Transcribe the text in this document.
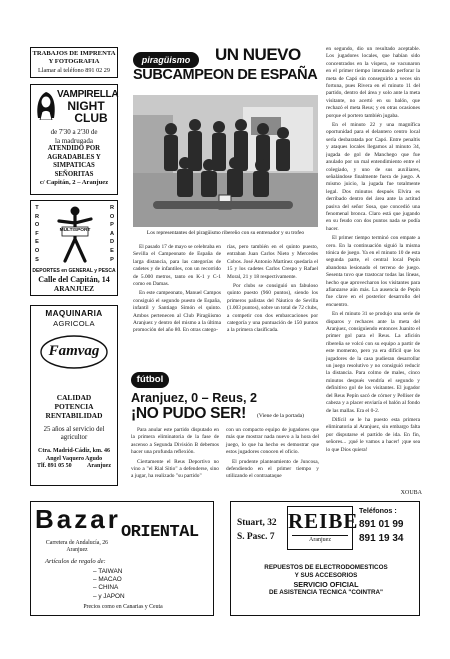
TRABAJOS DE IMPRENTA
Y FOTOGRAFIA
Llamar al teléfono 891 02 29
VAMPIRELLA
NIGHT
CLUB
de 7'30 a 2'30 de
la madrugada
ATENDIDO POR
AGRADABLES Y
SIMPATICAS
SEÑORITAS
c/ Capitán, 2 – Aranjuez
T
R
O
F
E
O
S
R
O
P
A
D
E
P
MULTISPORT
DEPORTES en GENERAL y PESCA
Calle del Capitán, 14
ARANJUEZ
MAQUINARIA
AGRICOLA
Famvag
CALIDAD
POTENCIA
RENTABILIDAD
25 años al servicio del
agricultor
Ctra. Madrid-Cádiz, km. 46
Angel Vaquero Agudo
Tlf. 891 05 50	Aranjuez
piragüismo	UN NUEVO
SUBCAMPEON DE ESPAÑA
Los representantes del piragüismo ribereño con su entrenador y su trofeo

El pasado 17 de mayo se celebraba en Sevilla el Campeonato de España de larga distancia, para las categorías de cadetes y de infantiles, con un recorrido de 5.000 metros, tanto en K-1 y C-1 como en Damas.

En este campeonato, Manuel Campos consiguió el segundo puesto de España, infantil y Santiago Simón el quinto. Ambos pertenecen al Club Piragüismo Aranjuez y dentro del mismo a la última promoción del año 80. En otras catego-

rías, pero también en el quinto puesto, entraban Juan Carlos Nieto y Mercedes Cobos. José Antonio Martínez quedaría el 15 y los cadetes Carlos Crespo y Rafael Moral, 21 y 18 respectivamente.

Por clubs se consiguió un fabuloso quinto puesto (960 puntos), siendo los primeros palistas del Náutico de Sevilla (1.003 puntos), sobre un total de 72 clubs, a competir con dos embarcaciones por categoría y una puntuación de 150 puntos a la primera clasificada.

fútbol
Aranjuez, 0 – Reus, 2
¡NO PUDO SER!	(Viene de la portada)

Para anular este partido disputado en la primera eliminatoria de la fase de ascenso a Segunda División B debemos hacer una profunda reflexión.

Ciertamente el Reus Deportivo no vino a "el Rial Sitio" a defenderse, sino a jugar, ha realizado "su partido"

con un compacto equipo de jugadores que más que mostrar nada nuevo a la hora del juego, lo que ha hecho es demostrar que estos jugadores conocen el oficio.

El prudente planteamiento de Juncosa, defendiendo en el primer tiempo y utilizando el contraataque

en segundo, dio un resultado aceptable. Los jugadores locales, que habían sido concentrados en la víspera, se vacunaron en el primer tiempo intentando perforar la meta de Capó sin conseguirlo a veces sin fortuna, pues Rivera en el minuto 11 del partido, dentro del área y solo ante la meta visitante, no acertó en su balón, que rechazó el meta Reus; y en otras ocasiones porque el portero también jugaba.

En el minuto 22 y una magnífica oportunidad para el delantero centro local sería desbaratada por Capó. Entre penaltis y ataques locales llegamos al minuto 34, jugada de gol de Manchego que fue anulado por un mal entendimiento entre el colegiado, y uno de sus auxiliares, señalándose finalmente fuera de juego. A mismo juicio, la jugada fue totalmente legal. Dos minutos después Elvira es derribado dentro del área ante la actitud pasiva del señor Sosa, que concedió una fenomenal bronca. Claro está que jugando en su feudo con dos puntos nada se podía hacer.

El primer tiempo terminó con empate a cero. En la continuación siguió la misma tónica de juego. Ya en el minuto 10 de esta segunda parte, el central local Pepín abandona lesionado el terreno de juego. Sesenta tuvo que trastocar todas las líneas, hecho que aprovecharon los visitantes para afianzarse aún más. La ausencia de Pepín fue clave en el posterior desarrollo del encuentro.

En el minuto 31 se produjo una serie de disparos y rechaces ante la meta del Aranjuez, consiguiendo entonces Juanito el primer gol para el Reus. La afición ribereña se volcó con su equipo a partir de este momento, pero ya era difícil que los jugadores de la casa pudieran desarrollar un juego resolutivo y no consiguió reducir la distancia. Para colmo de males, cinco minutos después vendría el segundo y definitivo gol de los visitantes. El jugador del Reus Pepín sacó de córner y Pelliser de cabeza y a placer enviaría el balón al fondo de las mallas. Era el 0-2.

Difícil se le ha puesto esta primera eliminatoria al Aranjuez, sin embargo falta por disputarse el partido de ida. En fin, señores... ¡qué le vamos a hacer! ¡que sea lo que Dios quiera!

XOUBA
Bazar ORIENTAL
Carretera de Andalucía, 26
Aranjuez
Artículos de regalo de:
– TAIWAN
– MACAO
– CHINA
– y JAPON
Precios como en Canarias y Ceuta
Stuart, 32
S. Pasc. 7
REIBE
Aranjuez
Teléfonos :
891 01 99
891 19 34
REPUESTOS DE ELECTRODOMESTICOS
Y SUS ACCESORIOS
SERVICIO OFICIAL
DE ASISTENCIA TECNICA "COINTRA"
